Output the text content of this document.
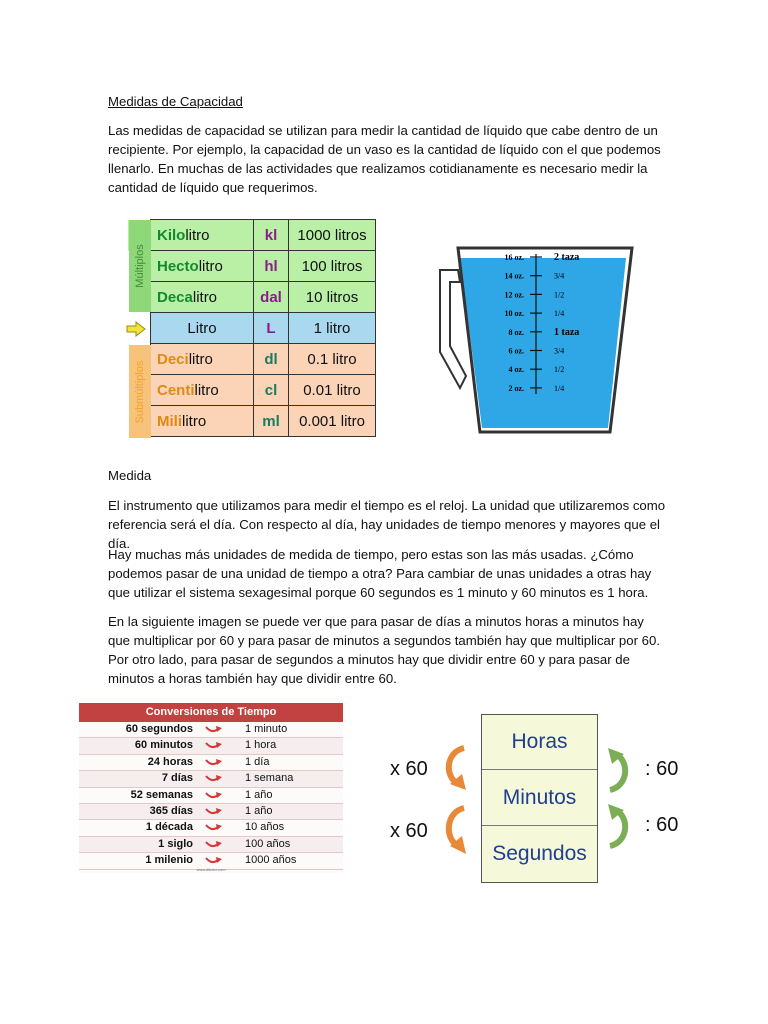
Medidas de Capacidad

Las medidas de capacidad se utilizan para medir la cantidad de líquido que cabe dentro de un recipiente. Por ejemplo, la capacidad de un vaso es la cantidad de líquido con el que podemos llenarlo. En muchas de las actividades que realizamos cotidianamente es necesario medir la cantidad de líquido que requerimos.

	Kilolitro	kl	1000 litros
	Hectolitro	hl	100 litros
	Decalitro	dal	10 litros
	Litro	L	1 litro
	Decilitro	dl	0.1 litro
	Centilitro	cl	0.01 litro
	Mililitro	ml	0.001 litro
Múltiplos
Submúltiplos
16 oz.	2 taza
14 oz.	3/4
12 oz.	1/2
10 oz.	1/4
8 oz.	1 taza
6 oz.	3/4
4 oz.	1/2
2 oz.	1/4

Medida

El instrumento que utilizamos para medir el tiempo es el reloj. La unidad que utilizaremos como referencia será el día. Con respecto al día, hay unidades de tiempo menores y mayores que el día.

Hay muchas más unidades de medida de tiempo, pero estas son las más usadas. ¿Cómo podemos pasar de una unidad de tiempo a otra? Para cambiar de unas unidades a otras hay que utilizar el sistema sexagesimal porque 60 segundos es 1 minuto y 60 minutos es 1 hora.

En la siguiente imagen se puede ver que para pasar de días a minutos horas a minutos hay que multiplicar por 60 y para pasar de minutos a segundos también hay que multiplicar por 60. Por otro lado, para pasar de segundos a minutos hay que dividir entre 60 y para pasar de minutos a horas también hay que dividir entre 60.

Conversiones de Tiempo
60 segundos	1 minuto
60 minutos	1 hora
24 horas	1 día
7 días	1 semana
52 semanas	1 año
365 días	1 año
1 década	10 años
1 siglo	100 años
1 milenio	1000 años
www.ditutor.com
Horas
Minutos
Segundos
x 60
x 60
: 60
: 60
